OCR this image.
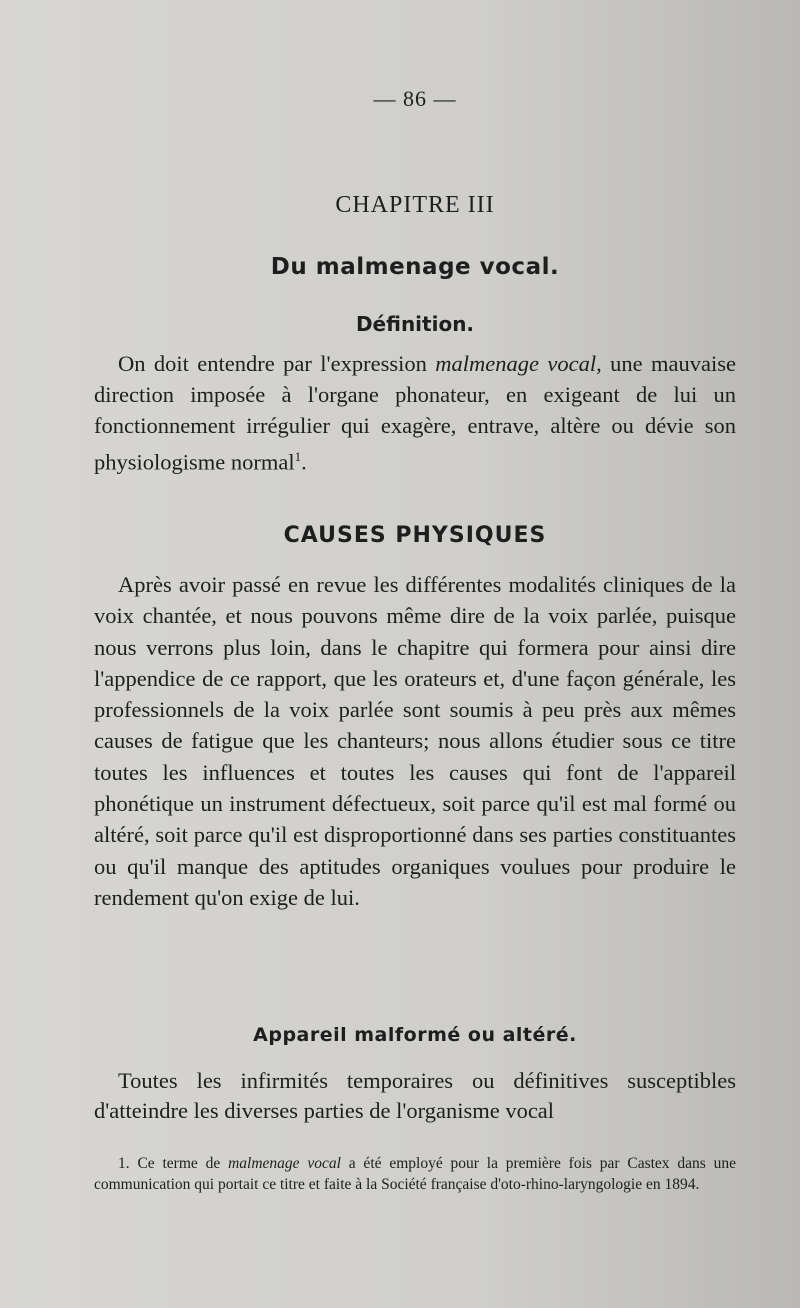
— 86 —
CHAPITRE III
Du malmenage vocal.
Définition.

On doit entendre par l'expression malmenage vocal, une mauvaise direction imposée à l'organe phonateur, en exigeant de lui un fonctionnement irrégulier qui exagère, entrave, altère ou dévie son physiologisme normal$^1$.

CAUSES PHYSIQUES

Après avoir passé en revue les différentes modalités cliniques de la voix chantée, et nous pouvons même dire de la voix parlée, puisque nous verrons plus loin, dans le chapitre qui formera pour ainsi dire l'appendice de ce rapport, que les orateurs et, d'une façon générale, les professionnels de la voix parlée sont soumis à peu près aux mêmes causes de fatigue que les chanteurs; nous allons étudier sous ce titre toutes les influences et toutes les causes qui font de l'appareil phonétique un instrument défectueux, soit parce qu'il est mal formé ou altéré, soit parce qu'il est disproportionné dans ses parties constituantes ou qu'il manque des aptitudes organiques voulues pour produire le rendement qu'on exige de lui.

Appareil malformé ou altéré.

Toutes les infirmités temporaires ou définitives susceptibles d'atteindre les diverses parties de l'organisme vocal

1. Ce terme de malmenage vocal a été employé pour la première fois par Castex dans une communication qui portait ce titre et faite à la Société française d'oto-rhino-laryngologie en 1894.
